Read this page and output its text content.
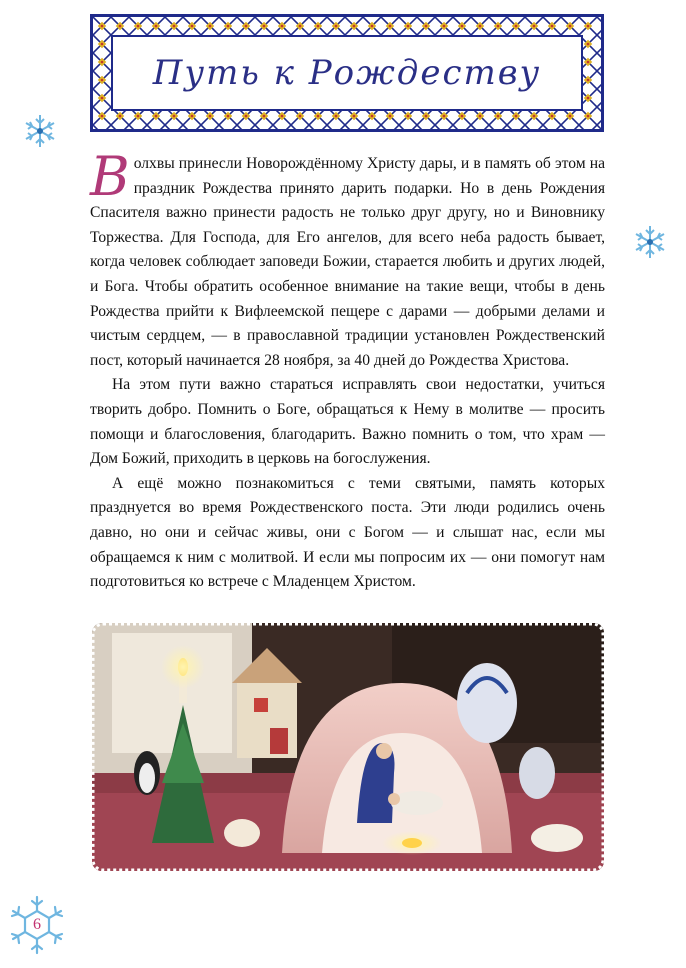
Путь к Рождеству

Волхвы принесли Новорождённому Христу дары, и в память об этом на праздник Рождества принято дарить подарки. Но в день Рождения Спасителя важно принести радость не только друг другу, но и Виновнику Торжества. Для Господа, для Его ангелов, для всего неба радость бывает, когда человек соблюдает заповеди Божии, старается любить и других людей, и Бога. Чтобы обратить особенное внимание на такие вещи, чтобы в день Рождества прийти к Вифлеемской пещере с дарами — добрыми делами и чистым сердцем, — в православной традиции установлен Рождественский пост, который начинается 28 ноября, за 40 дней до Рождества Христова.

На этом пути важно стараться исправлять свои недостатки, учиться творить добро. Помнить о Боге, обращаться к Нему в молитве — просить помощи и благословения, благодарить. Важно помнить о том, что храм — Дом Божий, приходить в церковь на богослужения.

А ещё можно познакомиться с теми святыми, память которых празднуется во время Рождественского поста. Эти люди родились очень давно, но они и сейчас живы, они с Богом — и слышат нас, если мы обращаемся к ним с молитвой. И если мы попросим их — они помогут нам подготовиться ко встрече с Младенцем Христом.

6
